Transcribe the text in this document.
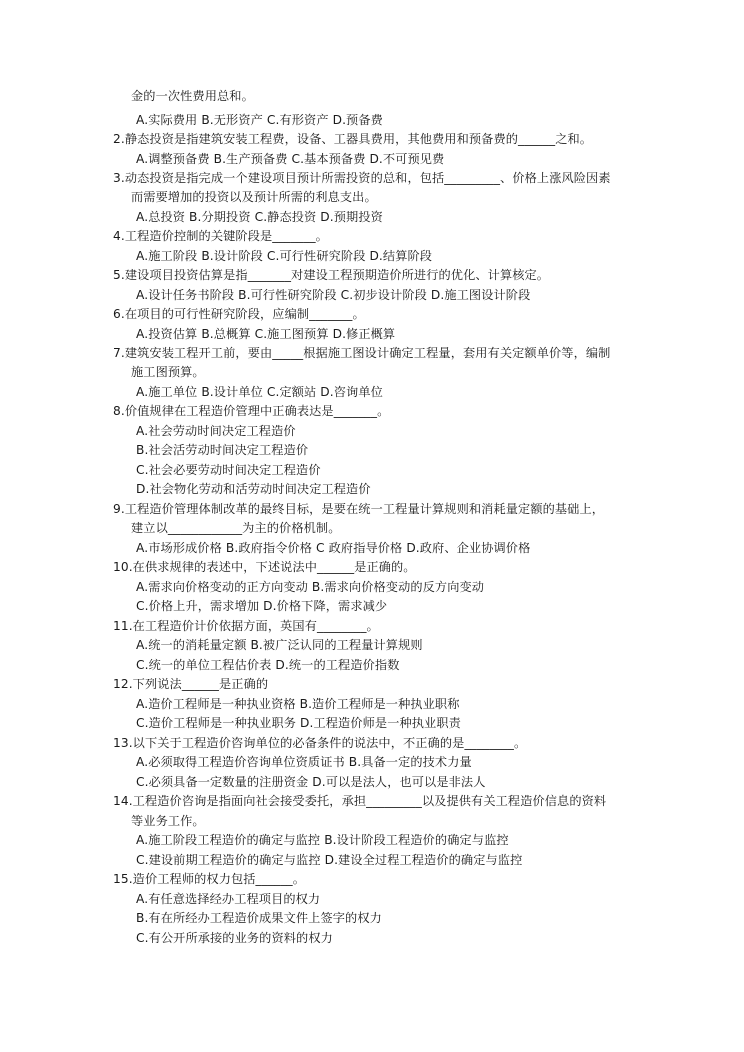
金的一次性费用总和。
A.实际费用 B.无形资产 C.有形资产 D.预备费
2.静态投资是指建筑安装工程费，设备、工器具费用，其他费用和预备费的______之和。
A.调整预备费 B.生产预备费 C.基本预备费 D.不可预见费
3.动态投资是指完成一个建设项目预计所需投资的总和，包括_________、价格上涨风险因素
而需要增加的投资以及预计所需的利息支出。
A.总投资 B.分期投资 C.静态投资 D.预期投资
4.工程造价控制的关键阶段是_______。
A.施工阶段 B.设计阶段 C.可行性研究阶段 D.结算阶段
5.建设项目投资估算是指_______对建设工程预期造价所进行的优化、计算核定。
A.设计任务书阶段 B.可行性研究阶段 C.初步设计阶段 D.施工图设计阶段
6.在项目的可行性研究阶段，应编制_______。
A.投资估算 B.总概算 C.施工图预算 D.修正概算
7.建筑安装工程开工前，要由_____根据施工图设计确定工程量，套用有关定额单价等，编制
施工图预算。
A.施工单位 B.设计单位 C.定额站 D.咨询单位
8.价值规律在工程造价管理中正确表达是_______。
A.社会劳动时间决定工程造价
B.社会活劳动时间决定工程造价
C.社会必要劳动时间决定工程造价
D.社会物化劳动和活劳动时间决定工程造价
9.工程造价管理体制改革的最终目标，是要在统一工程量计算规则和消耗量定额的基础上，
建立以____________为主的价格机制。
A.市场形成价格 B.政府指令价格 C 政府指导价格 D.政府、企业协调价格
10.在供求规律的表述中，下述说法中______是正确的。
A.需求向价格变动的正方向变动 B.需求向价格变动的反方向变动
C.价格上升，需求增加 D.价格下降，需求减少
11.在工程造价计价依据方面，英国有________。
A.统一的消耗量定额 B.被广泛认同的工程量计算规则
C.统一的单位工程估价表 D.统一的工程造价指数
12.下列说法______是正确的
A.造价工程师是一种执业资格 B.造价工程师是一种执业职称
C.造价工程师是一种执业职务 D.工程造价师是一种执业职责
13.以下关于工程造价咨询单位的必备条件的说法中，不正确的是________。
A.必须取得工程造价咨询单位资质证书 B.具备一定的技术力量
C.必须具备一定数量的注册资金 D.可以是法人，也可以是非法人
14.工程造价咨询是指面向社会接受委托，承担_________以及提供有关工程造价信息的资料
等业务工作。
A.施工阶段工程造价的确定与监控 B.设计阶段工程造价的确定与监控
C.建设前期工程造价的确定与监控 D.建设全过程工程造价的确定与监控
15.造价工程师的权力包括______。
A.有任意选择经办工程项目的权力
B.有在所经办工程造价成果文件上签字的权力
C.有公开所承接的业务的资料的权力
